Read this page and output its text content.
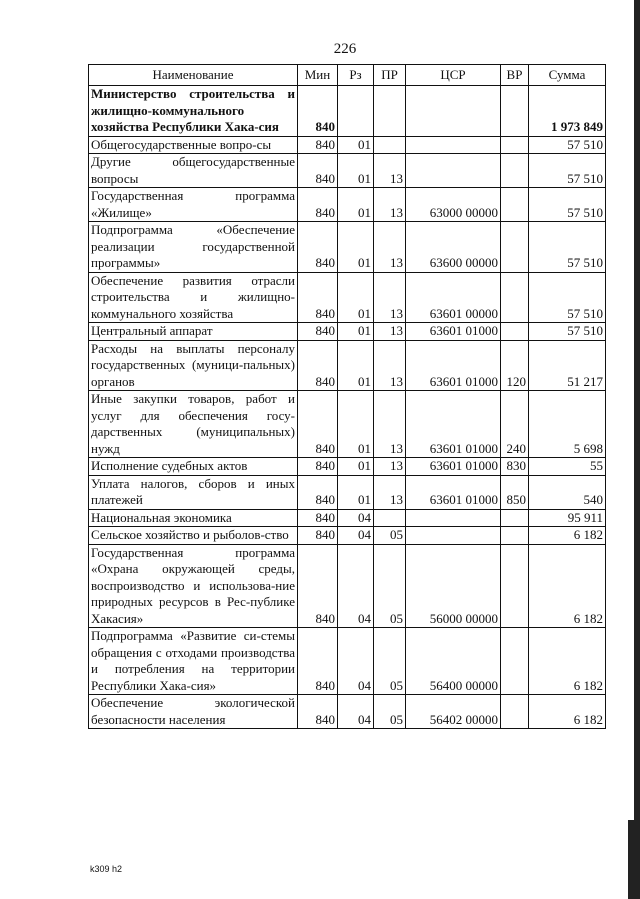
226
Наименование	Мин	Рз	ПР	ЦСР	ВР	Сумма
Министерство строительства и жилищно-коммунального хозяйства Республики Хака-сия	840					1 973 849
Общегосударственные вопро-сы	840	01				57 510
Другие общегосударственные вопросы	840	01	13			57 510
Государственная программа «Жилище»	840	01	13	63000 00000		57 510
Подпрограмма «Обеспечение реализации государственной программы»	840	01	13	63600 00000		57 510
Обеспечение развития отрасли строительства и жилищно-коммунального хозяйства	840	01	13	63601 00000		57 510
Центральный аппарат	840	01	13	63601 01000		57 510
Расходы на выплаты персоналу государственных (муници-пальных) органов	840	01	13	63601 01000	120	51 217
Иные закупки товаров, работ и услуг для обеспечения госу-дарственных (муниципальных) нужд	840	01	13	63601 01000	240	5 698
Исполнение судебных актов	840	01	13	63601 01000	830	55
Уплата налогов, сборов и иных платежей	840	01	13	63601 01000	850	540
Национальная экономика	840	04				95 911
Сельское хозяйство и рыболов-ство	840	04	05			6 182
Государственная программа «Охрана окружающей среды, воспроизводство и использова-ние природных ресурсов в Рес-публике Хакасия»	840	04	05	56000 00000		6 182
Подпрограмма «Развитие си-стемы обращения с отходами производства и потребления на территории Республики Хака-сия»	840	04	05	56400 00000		6 182
Обеспечение экологической безопасности населения	840	04	05	56402 00000		6 182
k309 h2
